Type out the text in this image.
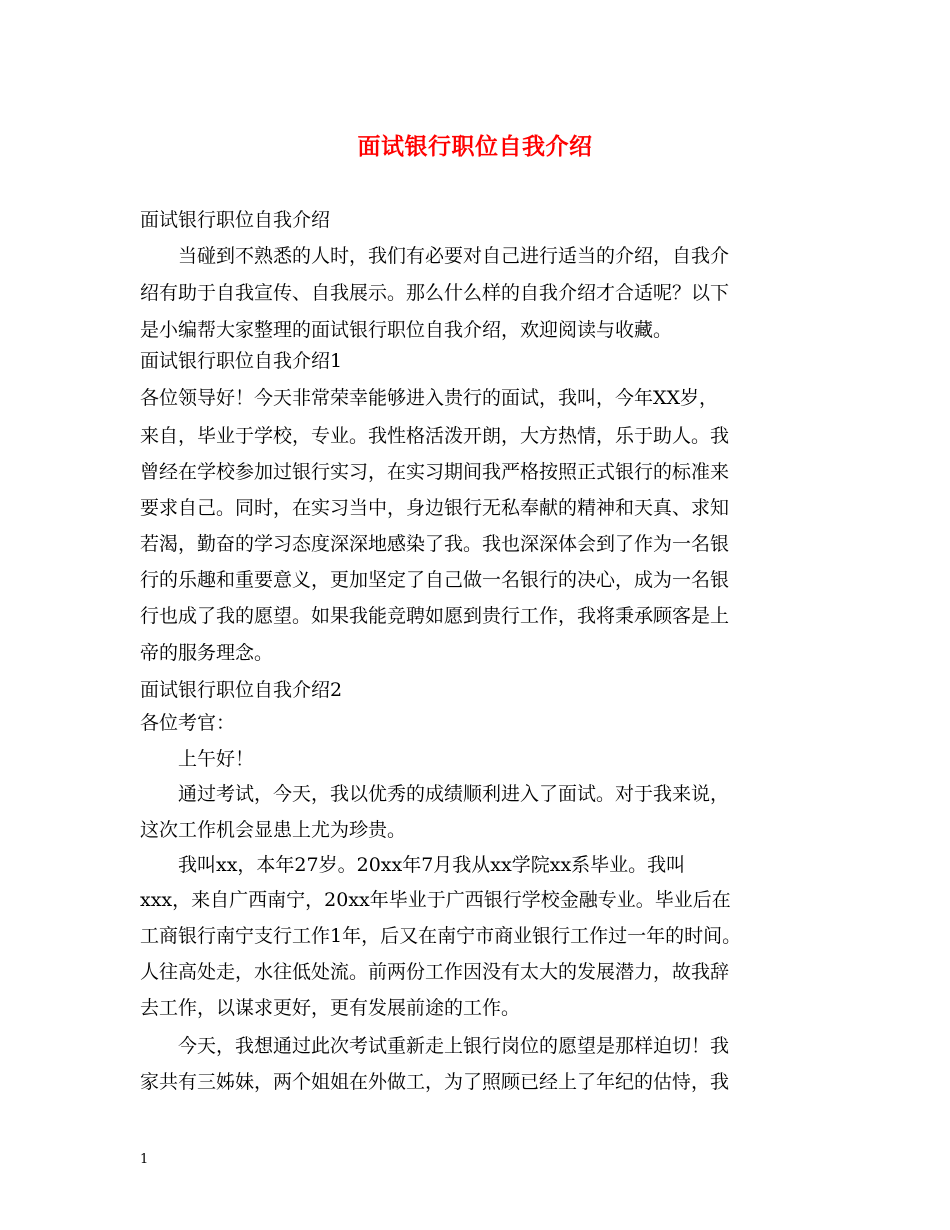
面试银行职位自我介绍
面试银行职位自我介绍
　　当碰到不熟悉的人时，我们有必要对自己进行适当的介绍，自我介
绍有助于自我宣传、自我展示。那么什么样的自我介绍才合适呢？以下
是小编帮大家整理的面试银行职位自我介绍，欢迎阅读与收藏。
面试银行职位自我介绍1
各位领导好！今天非常荣幸能够进入贵行的面试，我叫，今年XX岁，
来自，毕业于学校，专业。我性格活泼开朗，大方热情，乐于助人。我
曾经在学校参加过银行实习，在实习期间我严格按照正式银行的标准来
要求自己。同时，在实习当中，身边银行无私奉献的精神和天真、求知
若渴，勤奋的学习态度深深地感染了我。我也深深体会到了作为一名银
行的乐趣和重要意义，更加坚定了自己做一名银行的决心，成为一名银
行也成了我的愿望。如果我能竞聘如愿到贵行工作，我将秉承顾客是上
帝的服务理念。
面试银行职位自我介绍2
各位考官：
　　上午好！
　　通过考试，今天，我以优秀的成绩顺利进入了面试。对于我来说，
这次工作机会显患上尤为珍贵。
　　我叫xx，本年27岁。20xx年7月我从xx学院xx系毕业。我叫
xxx，来自广西南宁，20xx年毕业于广西银行学校金融专业。毕业后在
工商银行南宁支行工作1年，后又在南宁市商业银行工作过一年的时间。
人往高处走，水往低处流。前两份工作因没有太大的发展潜力，故我辞
去工作，以谋求更好，更有发展前途的工作。
　　今天，我想通过此次考试重新走上银行岗位的愿望是那样迫切！我
家共有三姊妹，两个姐姐在外做工，为了照顾已经上了年纪的估恃，我
1
